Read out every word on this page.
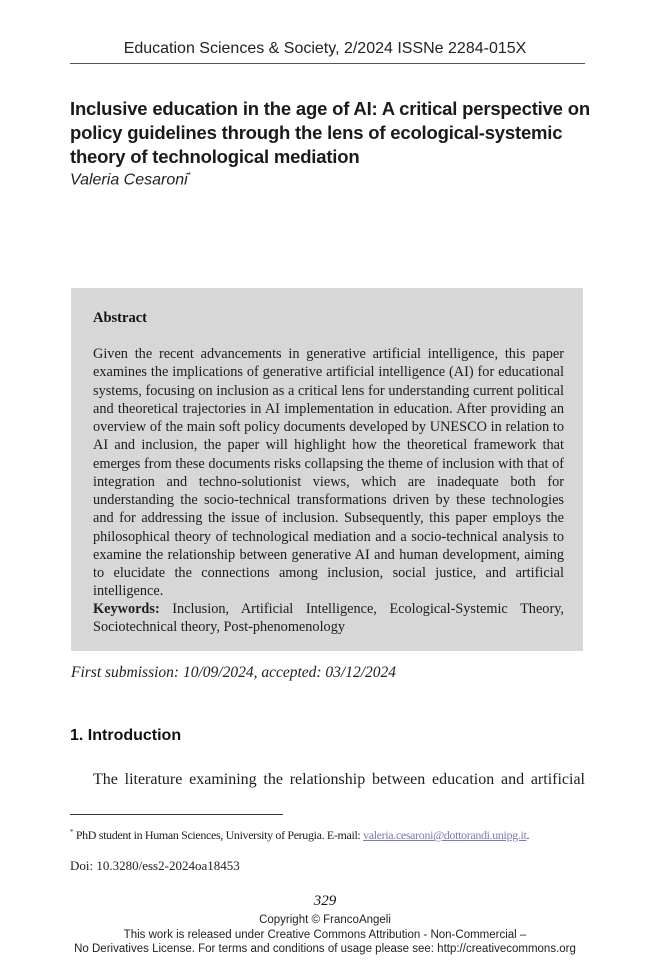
Education Sciences & Society, 2/2024 ISSNe 2284-015X
Inclusive education in the age of AI: A critical perspective on policy guidelines through the lens of ecological-systemic theory of technological mediation
Valeria Cesaroni*
Abstract

Given the recent advancements in generative artificial intelligence, this paper examines the implications of generative artificial intelligence (AI) for educational systems, focusing on inclusion as a critical lens for understanding current political and theoretical trajectories in AI implementation in education. After providing an overview of the main soft policy documents developed by UNESCO in relation to AI and inclusion, the paper will highlight how the theoretical framework that emerges from these documents risks collapsing the theme of inclusion with that of integration and techno-solutionist views, which are inadequate both for understanding the socio-technical transformations driven by these technologies and for addressing the issue of inclusion. Subsequently, this paper employs the philosophical theory of technological mediation and a socio-technical analysis to examine the relationship between generative AI and human development, aiming to elucidate the connections among inclusion, social justice, and artificial intelligence.

Keywords: Inclusion, Artificial Intelligence, Ecological-Systemic Theory, Sociotechnical theory, Post-phenomenology

First submission: 10/09/2024, accepted: 03/12/2024
1. Introduction

The literature examining the relationship between education and artificial

* PhD student in Human Sciences, University of Perugia. E-mail: valeria.cesaroni@dottorandi.unipg.it.
Doi: 10.3280/ess2-2024oa18453
329
Copyright © FrancoAngeli
This work is released under Creative Commons Attribution - Non-Commercial –
No Derivatives License. For terms and conditions of usage please see: http://creativecommons.org
